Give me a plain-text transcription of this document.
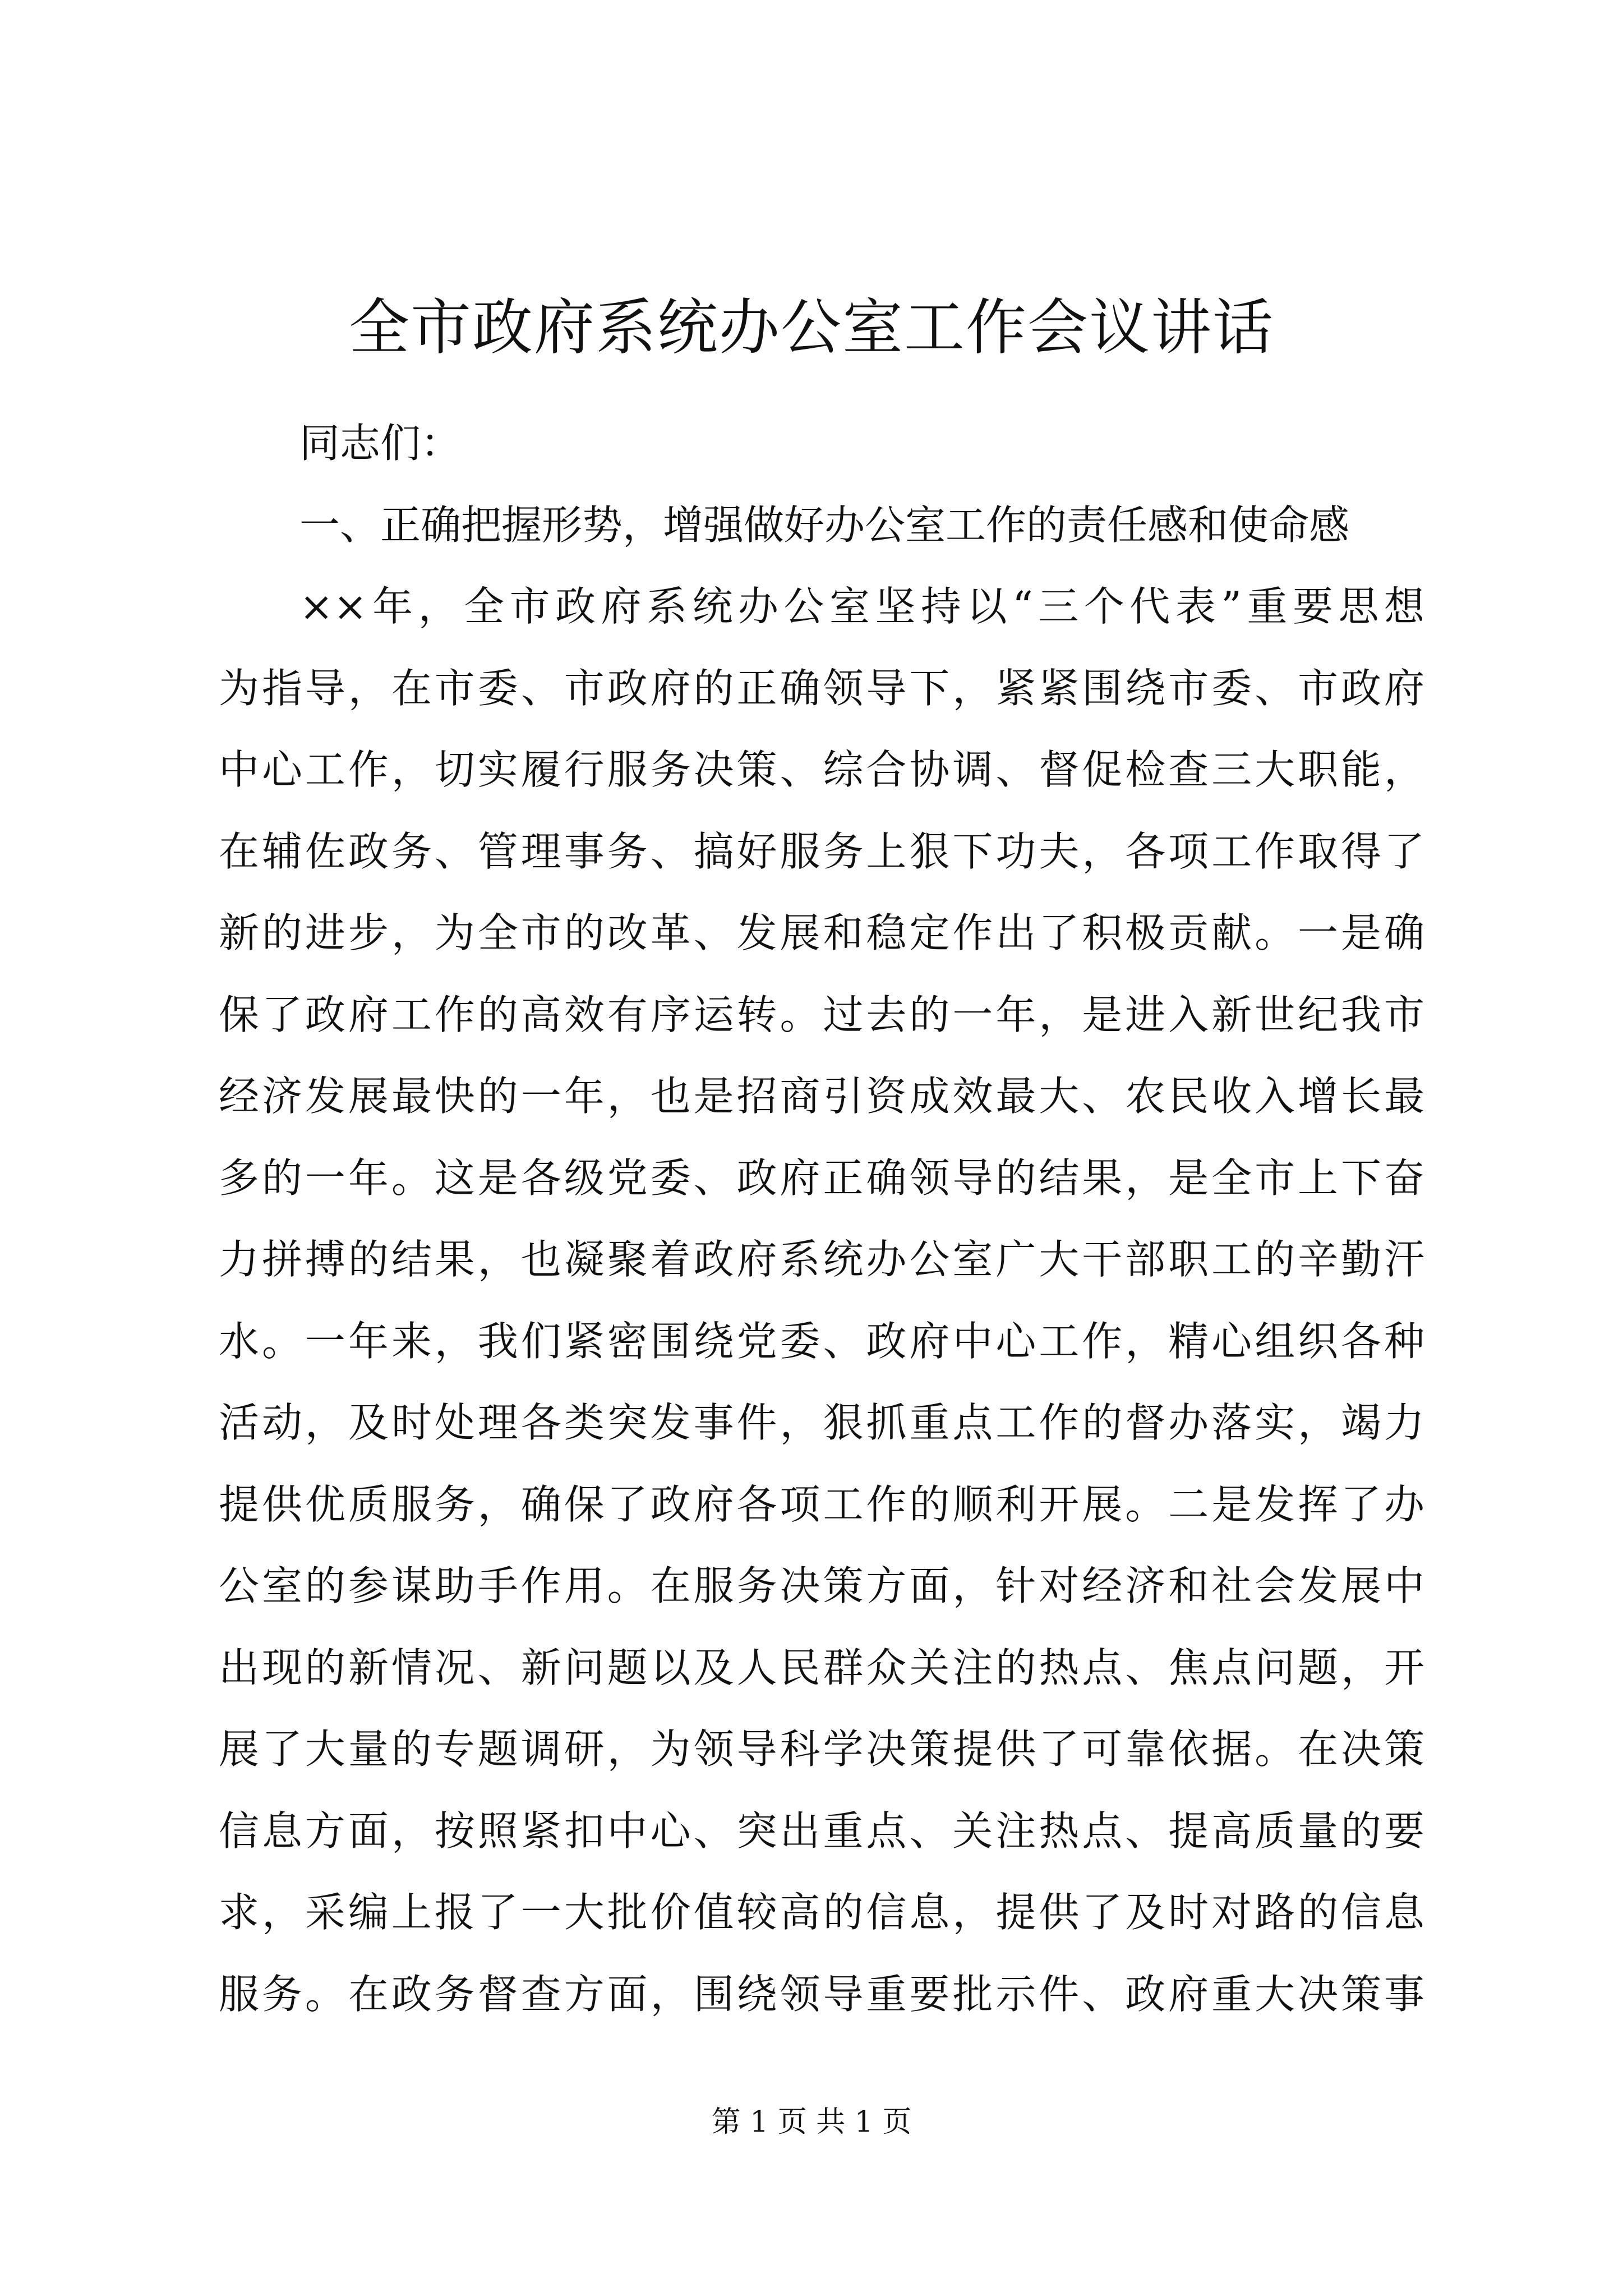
全市政府系统办公室工作会议讲话

同志们：

一、正确把握形势，增强做好办公室工作的责任感和使命感

××年，全市政府系统办公室坚持以“三个代表”重要思想
为指导，在市委、市政府的正确领导下，紧紧围绕市委、市政府
中心工作，切实履行服务决策、综合协调、督促检查三大职能，
在辅佐政务、管理事务、搞好服务上狠下功夫，各项工作取得了
新的进步，为全市的改革、发展和稳定作出了积极贡献。一是确
保了政府工作的高效有序运转。过去的一年，是进入新世纪我市
经济发展最快的一年，也是招商引资成效最大、农民收入增长最
多的一年。这是各级党委、政府正确领导的结果，是全市上下奋
力拼搏的结果，也凝聚着政府系统办公室广大干部职工的辛勤汗
水。一年来，我们紧密围绕党委、政府中心工作，精心组织各种
活动，及时处理各类突发事件，狠抓重点工作的督办落实，竭力
提供优质服务，确保了政府各项工作的顺利开展。二是发挥了办
公室的参谋助手作用。在服务决策方面，针对经济和社会发展中
出现的新情况、新问题以及人民群众关注的热点、焦点问题，开
展了大量的专题调研，为领导科学决策提供了可靠依据。在决策
信息方面，按照紧扣中心、突出重点、关注热点、提高质量的要
求，采编上报了一大批价值较高的信息，提供了及时对路的信息
服务。在政务督查方面，围绕领导重要批示件、政府重大决策事
第 1 页 共 1 页
